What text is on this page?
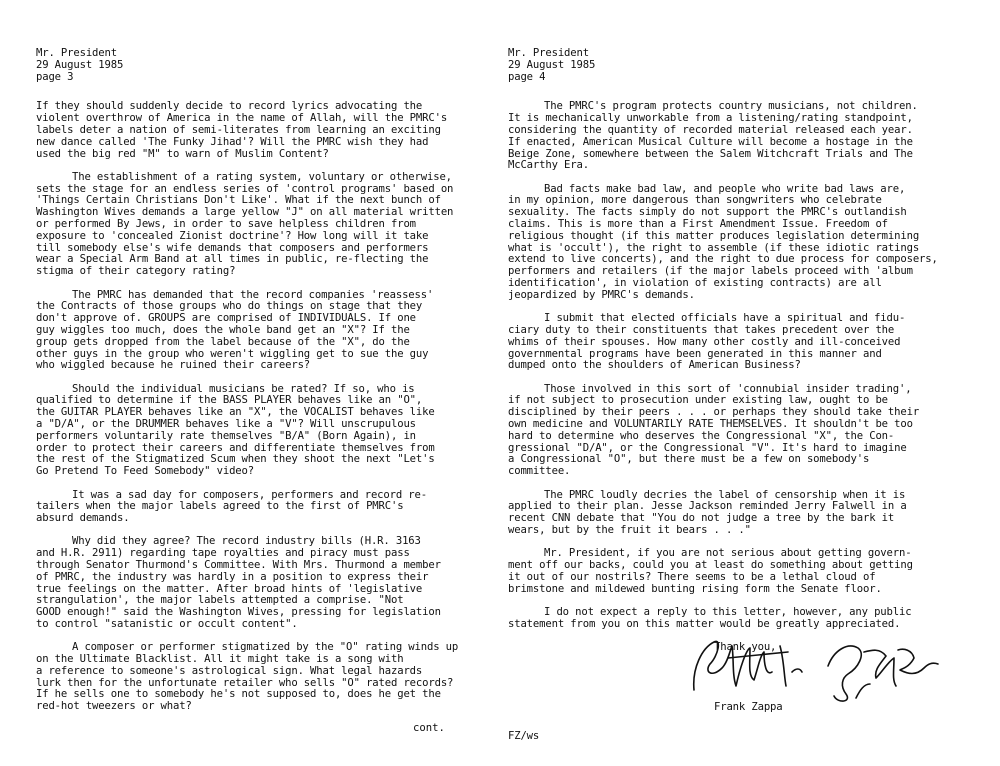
Mr. President
29 August 1985
page 3

If they should suddenly decide to record lyrics advocating the
violent overthrow of America in the name of Allah, will the PMRC's
labels deter a nation of semi-literates from learning an exciting
new dance called 'The Funky Jihad'? Will the PMRC wish they had
used the big red "M" to warn of Muslim Content?

The establishment of a rating system, voluntary or otherwise,
sets the stage for an endless series of 'control programs' based on
'Things Certain Christians Don't Like'. What if the next bunch of
Washington Wives demands a large yellow "J" on all material written
or performed By Jews, in order to save helpless children from
exposure to 'concealed Zionist doctrine'? How long will it take
till somebody else's wife demands that composers and performers
wear a Special Arm Band at all times in public, re-flecting the
stigma of their category rating?

The PMRC has demanded that the record companies 'reassess'
the Contracts of those groups who do things on stage that they
don't approve of. GROUPS are comprised of INDIVIDUALS. If one
guy wiggles too much, does the whole band get an "X"? If the
group gets dropped from the label because of the "X", do the
other guys in the group who weren't wiggling get to sue the guy
who wiggled because he ruined their careers?

Should the individual musicians be rated? If so, who is
qualified to determine if the BASS PLAYER behaves like an "O",
the GUITAR PLAYER behaves like an "X", the VOCALIST behaves like
a "D/A", or the DRUMMER behaves like a "V"? Will unscrupulous
performers voluntarily rate themselves "B/A" (Born Again), in
order to protect their careers and differentiate themselves from
the rest of the Stigmatized Scum when they shoot the next "Let's
Go Pretend To Feed Somebody" video?

It was a sad day for composers, performers and record re-
tailers when the major labels agreed to the first of PMRC's
absurd demands.

Why did they agree? The record industry bills (H.R. 3163
and H.R. 2911) regarding tape royalties and piracy must pass
through Senator Thurmond's Committee. With Mrs. Thurmond a member
of PMRC, the industry was hardly in a position to express their
true feelings on the matter. After broad hints of 'legislative
strangulation', the major labels attempted a comprise. "Not
GOOD enough!" said the Washington Wives, pressing for legislation
to control "satanistic or occult content".

A composer or performer stigmatized by the "O" rating winds up
on the Ultimate Blacklist. All it might take is a song with
a reference to someone's astrological sign. What legal hazards
lurk then for the unfortunate retailer who sells "O" rated records?
If he sells one to somebody he's not supposed to, does he get the
red-hot tweezers or what?

Mr. President
29 August 1985
page 4

The PMRC's program protects country musicians, not children.
It is mechanically unworkable from a listening/rating standpoint,
considering the quantity of recorded material released each year.
If enacted, American Musical Culture will become a hostage in the
Beige Zone, somewhere between the Salem Witchcraft Trials and The
McCarthy Era.

Bad facts make bad law, and people who write bad laws are,
in my opinion, more dangerous than songwriters who celebrate
sexuality. The facts simply do not support the PMRC's outlandish
claims. This is more than a First Amendment Issue. Freedom of
religious thought (if this matter produces legislation determining
what is 'occult'), the right to assemble (if these idiotic ratings
extend to live concerts), and the right to due process for composers,
performers and retailers (if the major labels proceed with 'album
identification', in violation of existing contracts) are all
jeopardized by PMRC's demands.

I submit that elected officials have a spiritual and fidu-
ciary duty to their constituents that takes precedent over the
whims of their spouses. How many other costly and ill-conceived
governmental programs have been generated in this manner and
dumped onto the shoulders of American Business?

Those involved in this sort of 'connubial insider trading',
if not subject to prosecution under existing law, ought to be
disciplined by their peers . . . or perhaps they should take their
own medicine and VOLUNTARILY RATE THEMSELVES. It shouldn't be too
hard to determine who deserves the Congressional "X", the Con-
gressional "D/A", or the Congressional "V". It's hard to imagine
a Congressional "O", but there must be a few on somebody's
committee.

The PMRC loudly decries the label of censorship when it is
applied to their plan. Jesse Jackson reminded Jerry Falwell in a
recent CNN debate that "You do not judge a tree by the bark it
wears, but by the fruit it bears . . ."

Mr. President, if you are not serious about getting govern-
ment off our backs, could you at least do something about getting
it out of our nostrils? There seems to be a lethal cloud of
brimstone and mildewed bunting rising form the Senate floor.

I do not expect a reply to this letter, however, any public
statement from you on this matter would be greatly appreciated.

Thank you,
Frank Zappa
FZ/ws
cont.
